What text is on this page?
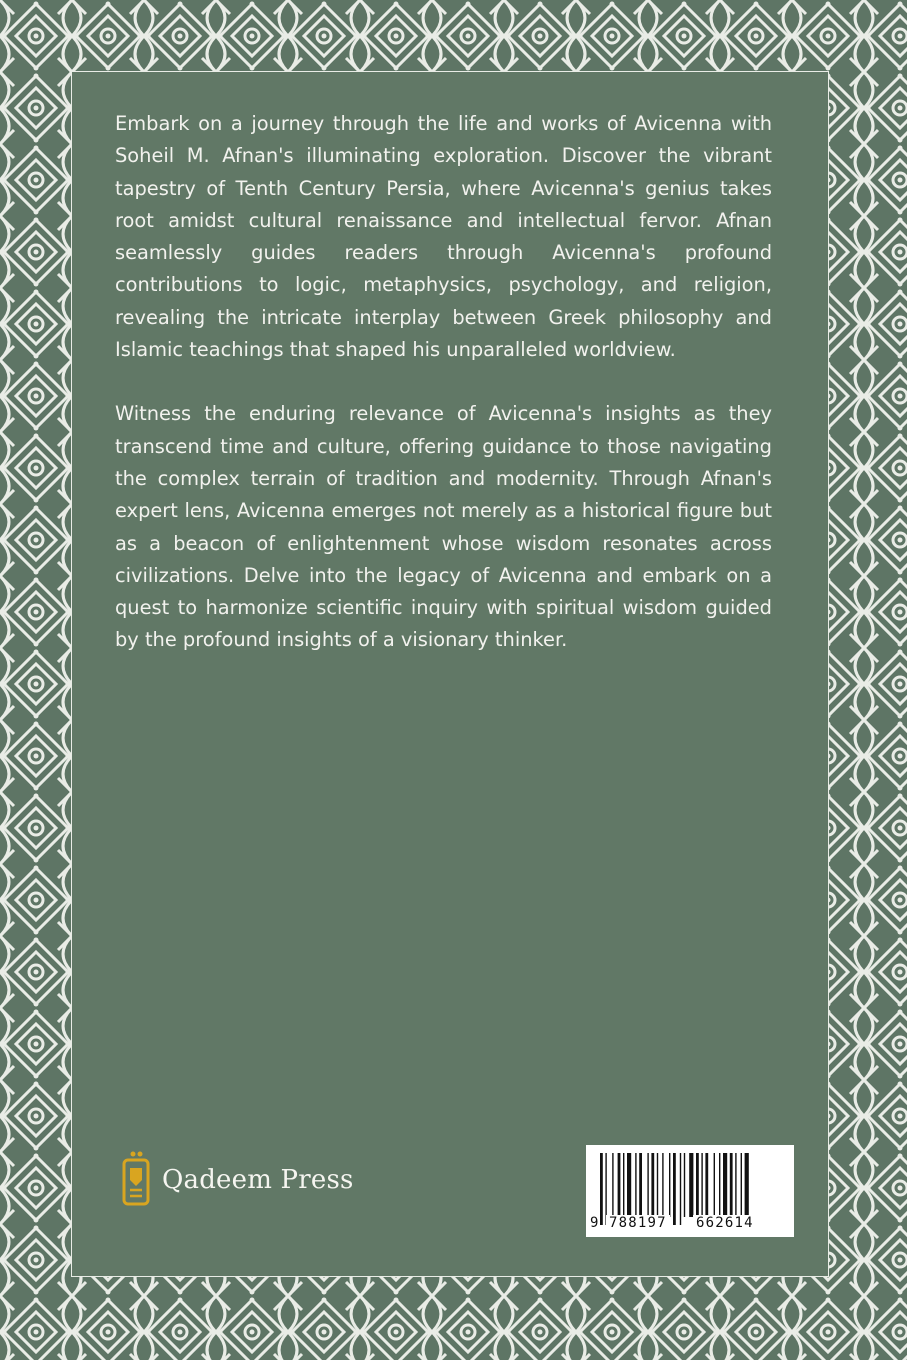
Embark on a journey through the life and works of Avicenna with Soheil M. Afnan's illuminating exploration. Discover the vibrant tapestry of Tenth Century Persia, where Avicenna's genius takes root amidst cultural renaissance and intellectual fervor. Afnan seamlessly guides readers through Avicenna's profound contributions to logic, metaphysics, psychology, and religion, revealing the intricate interplay between Greek philosophy and Islamic teachings that shaped his unparalleled worldview.

Witness the enduring relevance of Avicenna's insights as they transcend time and culture, offering guidance to those navigating the complex terrain of tradition and modernity. Through Afnan's expert lens, Avicenna emerges not merely as a historical figure but as a beacon of enlightenment whose wisdom resonates across civilizations. Delve into the legacy of Avicenna and embark on a quest to harmonize scientific inquiry with spiritual wisdom guided by the profound insights of a visionary thinker.

Qadeem Press
9 788197 662614
